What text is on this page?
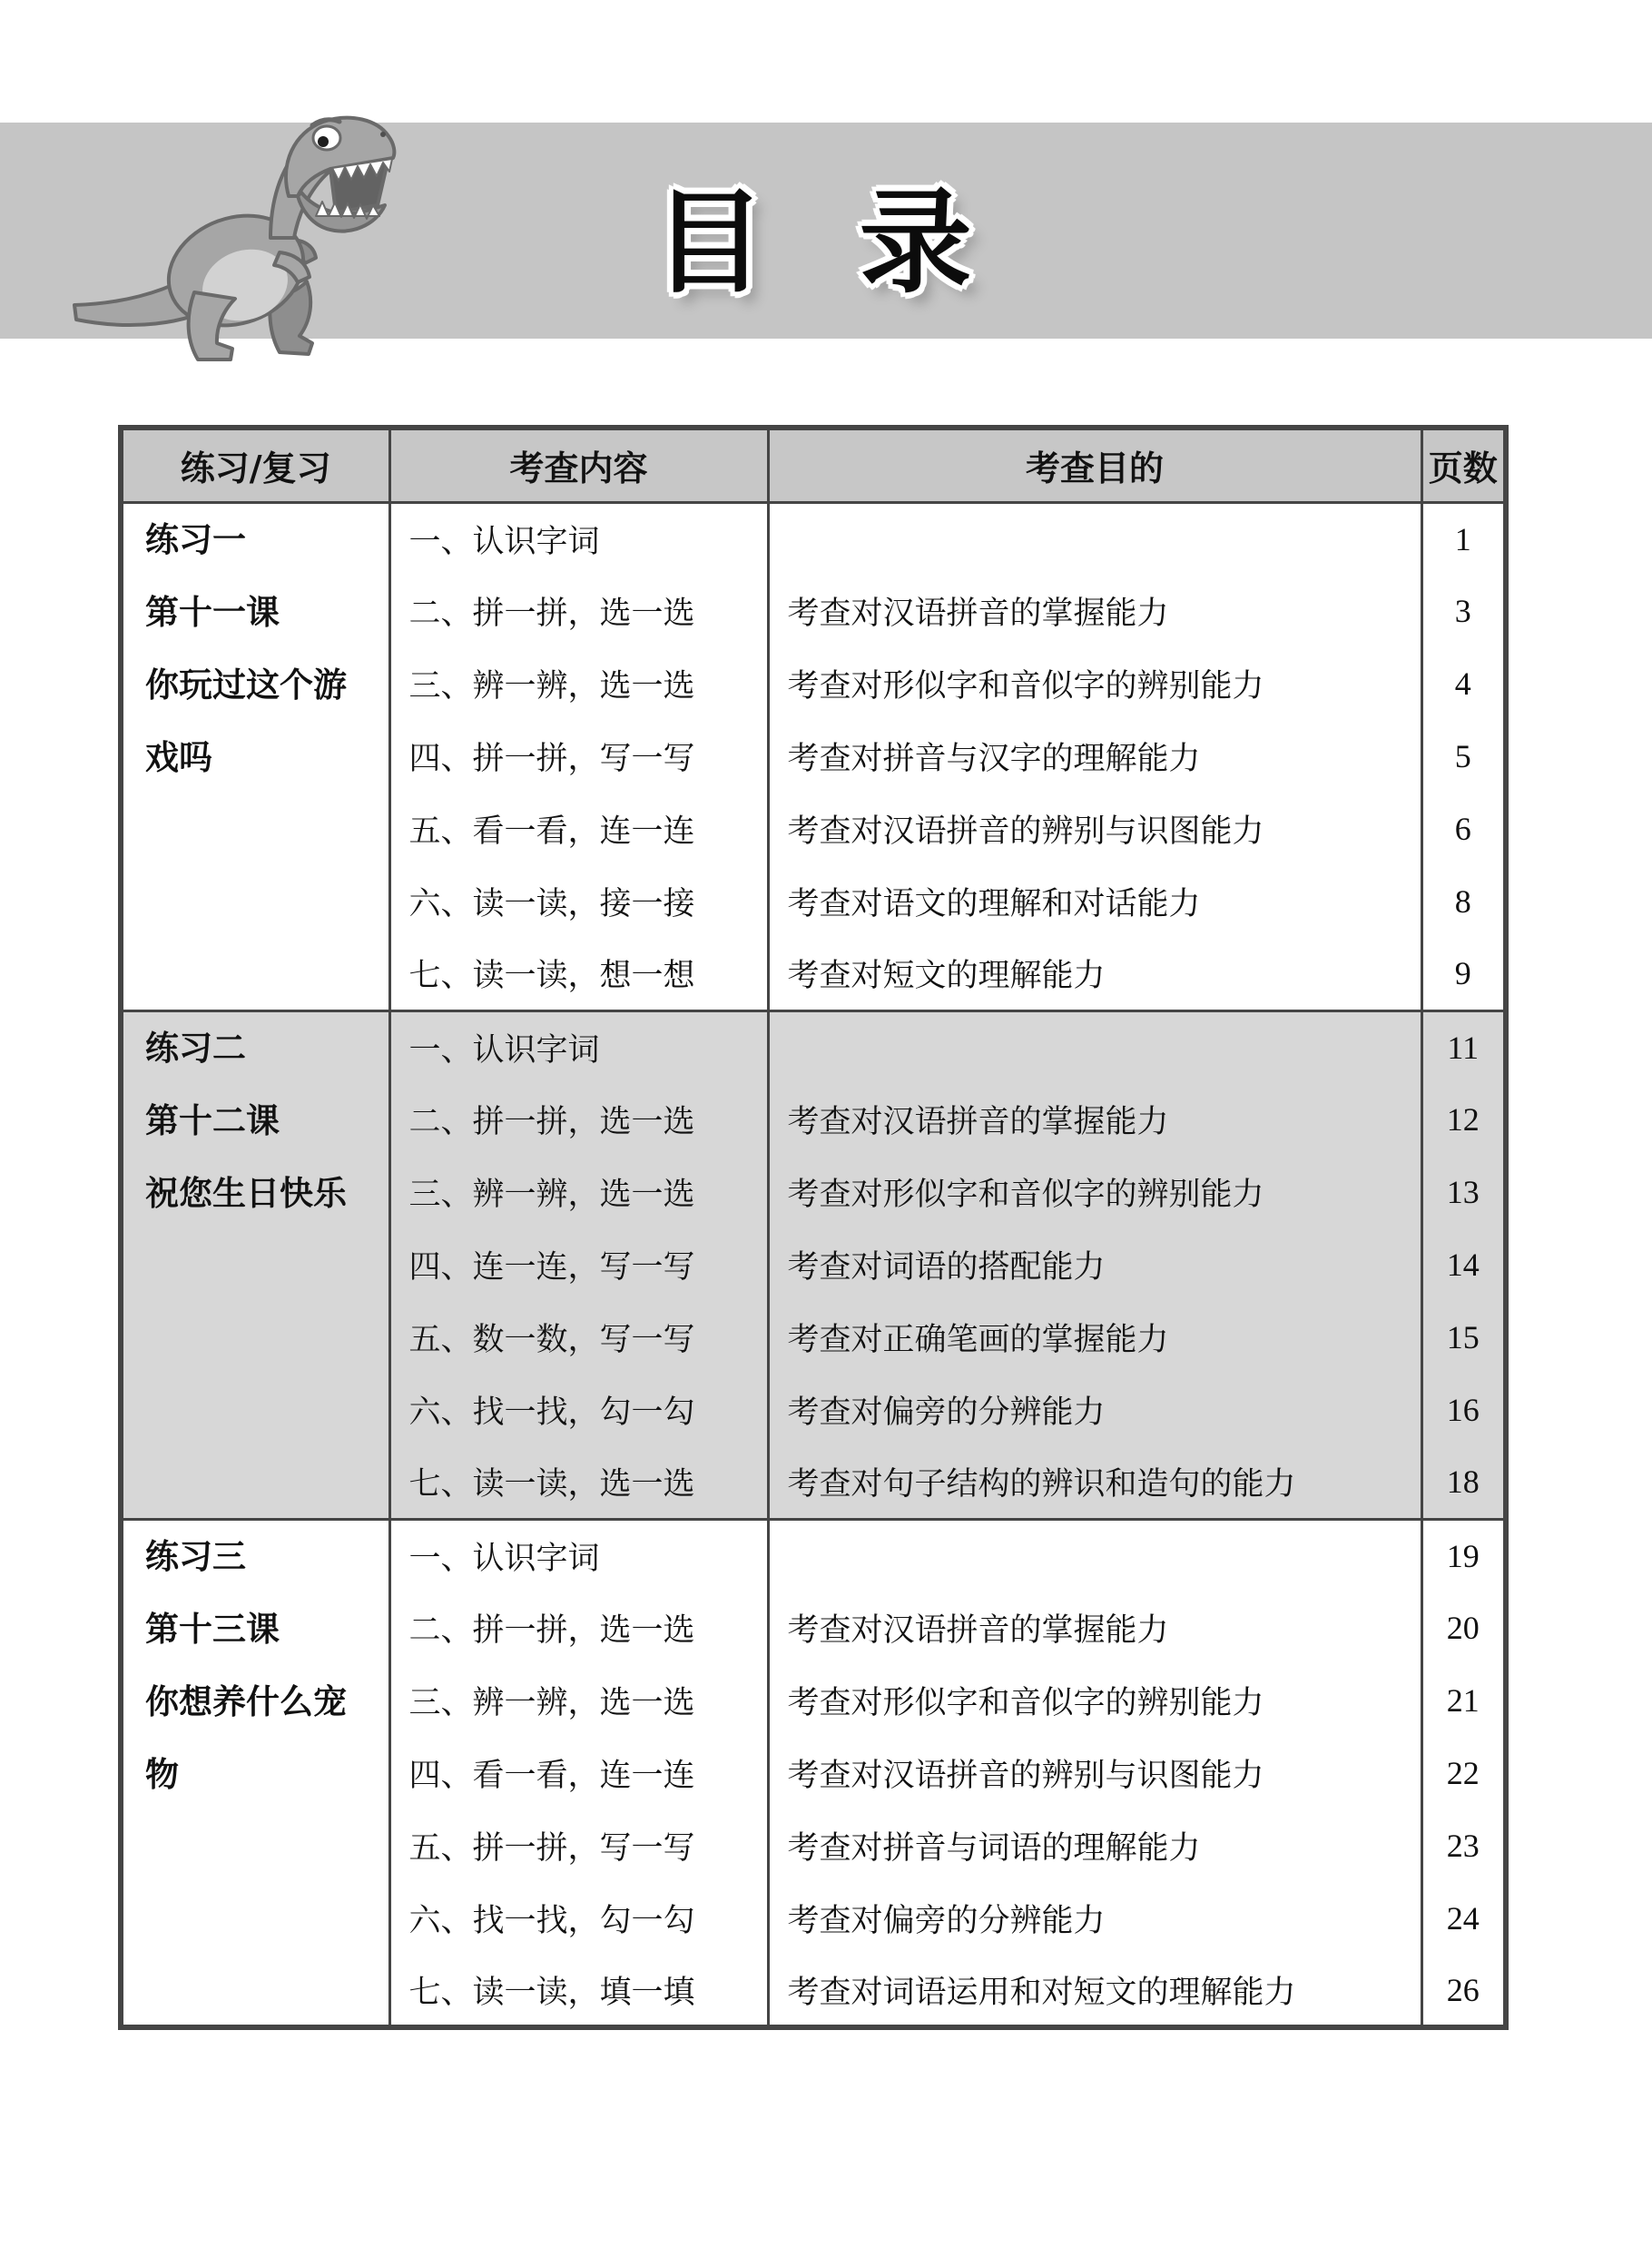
目 录
练习/复习	考查内容	考查目的	页数

练习一
第十一课
你玩过这个游
戏吗	一、认识字词		1
	二、拼一拼，选一选	考查对汉语拼音的掌握能力	3
	三、辨一辨，选一选	考查对形似字和音似字的辨别能力	4
	四、拼一拼，写一写	考查对拼音与汉字的理解能力	5
	五、看一看，连一连	考查对汉语拼音的辨别与识图能力	6
	六、读一读，接一接	考查对语文的理解和对话能力	8
	七、读一读，想一想	考查对短文的理解能力	9

练习二
第十二课
祝您生日快乐	一、认识字词		11
	二、拼一拼，选一选	考查对汉语拼音的掌握能力	12
	三、辨一辨，选一选	考查对形似字和音似字的辨别能力	13
	四、连一连，写一写	考查对词语的搭配能力	14
	五、数一数，写一写	考查对正确笔画的掌握能力	15
	六、找一找，勾一勾	考查对偏旁的分辨能力	16
	七、读一读，选一选	考查对句子结构的辨识和造句的能力	18

练习三
第十三课
你想养什么宠
物	一、认识字词		19
	二、拼一拼，选一选	考查对汉语拼音的掌握能力	20
	三、辨一辨，选一选	考查对形似字和音似字的辨别能力	21
	四、看一看，连一连	考查对汉语拼音的辨别与识图能力	22
	五、拼一拼，写一写	考查对拼音与词语的理解能力	23
	六、找一找，勾一勾	考查对偏旁的分辨能力	24
	七、读一读，填一填	考查对词语运用和对短文的理解能力	26
